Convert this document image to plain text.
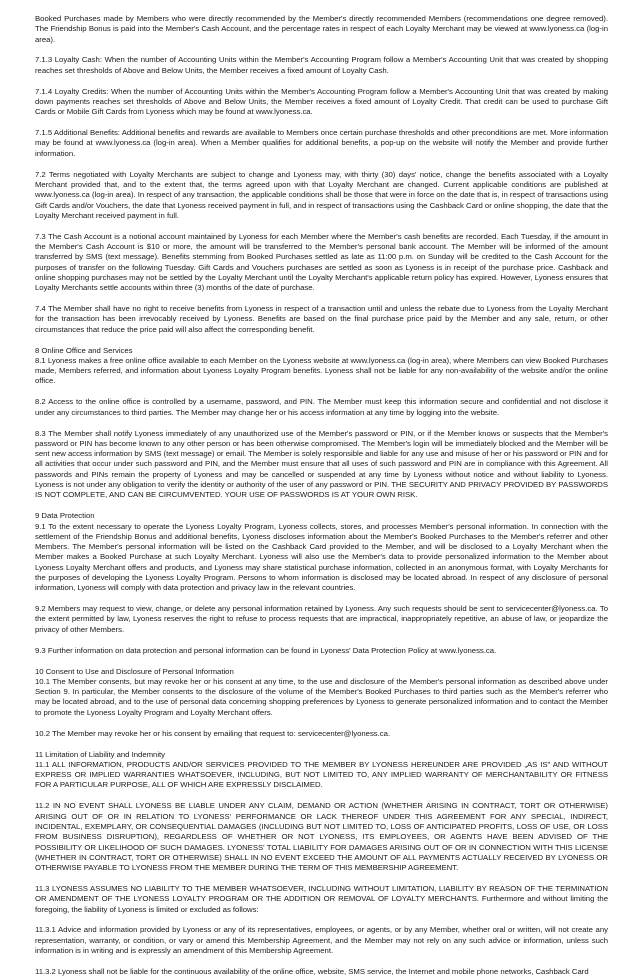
Booked Purchases made by Members who were directly recommended by the Member's directly recommended Members (recommendations one degree removed). The Friendship Bonus is paid into the Member's Cash Account, and the percentage rates in respect of each Loyalty Merchant may be viewed at www.lyoness.ca (log-in area).

7.1.3 Loyalty Cash: When the number of Accounting Units within the Member's Accounting Program follow a Member's Accounting Unit that was created by shopping reaches set thresholds of Above and Below Units, the Member receives a fixed amount of Loyalty Cash.

7.1.4 Loyalty Credits: When the number of Accounting Units within the Member's Accounting Program follow a Member's Accounting Unit that was created by making down payments reaches set thresholds of Above and Below Units, the Member receives a fixed amount of Loyalty Credit. That credit can be used to purchase Gift Cards or Mobile Gift Cards from Lyoness which may be found at www.lyoness.ca.

7.1.5 Additional Benefits: Additional benefits and rewards are available to Members once certain purchase thresholds and other preconditions are met. More information may be found at www.lyoness.ca (log-in area). When a Member qualifies for additional benefits, a pop-up on the website will notify the Member and provide further information.

7.2 Terms negotiated with Loyalty Merchants are subject to change and Lyoness may, with thirty (30) days' notice, change the benefits associated with a Loyalty Merchant provided that, and to the extent that, the terms agreed upon with that Loyalty Merchant are changed. Current applicable conditions are published at www.lyoness.ca (log-in area). In respect of any transaction, the applicable conditions shall be those that were in force on the date that is, in respect of transactions using Gift Cards and/or Vouchers, the date that Lyoness received payment in full, and in respect of transactions using the Cashback Card or online shopping, the date that the Loyalty Merchant received payment in full.

7.3 The Cash Account is a notional account maintained by Lyoness for each Member where the Member's cash benefits are recorded. Each Tuesday, if the amount in the Member's Cash Account is $10 or more, the amount will be transferred to the Member's personal bank account. The Member will be informed of the amount transferred by SMS (text message). Benefits stemming from Booked Purchases settled as late as 11:00 p.m. on Sunday will be credited to the Cash Account for the purposes of transfer on the following Tuesday. Gift Cards and Vouchers purchases are settled as soon as Lyoness is in receipt of the purchase price. Cashback and online shopping purchases may not be settled by the Loyalty Merchant until the Loyalty Merchant's applicable return policy has expired. However, Lyoness ensures that Loyalty Merchants settle accounts within three (3) months of the date of purchase.

7.4 The Member shall have no right to receive benefits from Lyoness in respect of a transaction until and unless the rebate due to Lyoness from the Loyalty Merchant for the transaction has been irrevocably received by Lyoness. Benefits are based on the final purchase price paid by the Member and any sale, return, or other circumstances that reduce the price paid will also affect the corresponding benefit.

8 Online Office and Services
8.1 Lyoness makes a free online office available to each Member on the Lyoness website at www.lyoness.ca (log-in area), where Members can view Booked Purchases made, Members referred, and information about Lyoness Loyalty Program benefits. Lyoness shall not be liable for any non-availability of the website and/or the online office.

8.2 Access to the online office is controlled by a username, password, and PIN. The Member must keep this information secure and confidential and not disclose it under any circumstances to third parties. The Member may change her or his access information at any time by logging into the website.

8.3 The Member shall notify Lyoness immediately of any unauthorized use of the Member's password or PIN, or if the Member knows or suspects that the Member's password or PIN has become known to any other person or has been otherwise compromised. The Member's login will be immediately blocked and the Member will be sent new access information by SMS (text message) or email. The Member is solely responsible and liable for any use and misuse of her or his password or PIN and for all activities that occur under such password and PIN, and the Member must ensure that all uses of such password and PIN are in compliance with this Agreement. All passwords and PINs remain the property of Lyoness and may be cancelled or suspended at any time by Lyoness without notice and without liability to Lyoness. Lyoness is not under any obligation to verify the identity or authority of the user of any password or PIN. THE SECURITY AND PRIVACY PROVIDED BY PASSWORDS IS NOT COMPLETE, AND CAN BE CIRCUMVENTED. YOUR USE OF PASSWORDS IS AT YOUR OWN RISK.

9 Data Protection
9.1 To the extent necessary to operate the Lyoness Loyalty Program, Lyoness collects, stores, and processes Member's personal information. In connection with the settlement of the Friendship Bonus and additional benefits, Lyoness discloses information about the Member's Booked Purchases to the Member's referrer and other Members. The Member's personal information will be listed on the Cashback Card provided to the Member, and will be disclosed to a Loyalty Merchant when the Member makes a Booked Purchase at such Loyalty Merchant. Lyoness will also use the Member's data to provide personalized information to the Member about Lyoness Loyalty Merchant offers and products, and Lyoness may share statistical purchase information, collected in an anonymous format, with Loyalty Merchants for the purposes of developing the Lyoness Loyalty Program. Persons to whom information is disclosed may be located abroad. In respect of any disclosure of personal information, Lyoness will comply with data protection and privacy law in the relevant countries.

9.2 Members may request to view, change, or delete any personal information retained by Lyoness. Any such requests should be sent to servicecenter@lyoness.ca. To the extent permitted by law, Lyoness reserves the right to refuse to process requests that are impractical, inappropriately repetitive, an abuse of law, or jeopardize the privacy of other Members.

9.3 Further information on data protection and personal information can be found in Lyoness' Data Protection Policy at www.lyoness.ca.

10 Consent to Use and Disclosure of Personal Information
10.1 The Member consents, but may revoke her or his consent at any time, to the use and disclosure of the Member's personal information as described above under Section 9. In particular, the Member consents to the disclosure of the volume of the Member's Booked Purchases to third parties such as the Member's referrer who may be located abroad, and to the use of personal data concerning shopping preferences by Lyoness to generate personalized information and to contact the Member to promote the Lyoness Loyalty Program and Loyalty Merchant offers.

10.2 The Member may revoke her or his consent by emailing that request to: servicecenter@lyoness.ca.

11 Limitation of Liability and Indemnity
11.1 ALL INFORMATION, PRODUCTS AND/OR SERVICES PROVIDED TO THE MEMBER BY LYONESS HEREUNDER ARE PROVIDED „AS IS" AND WITHOUT EXPRESS OR IMPLIED WARRANTIES WHATSOEVER, INCLUDING, BUT NOT LIMITED TO, ANY IMPLIED WARRANTY OF MERCHANTABILITY OR FITNESS FOR A PARTICULAR PURPOSE, ALL OF WHICH ARE EXPRESSLY DISCLAIMED.

11.2 IN NO EVENT SHALL LYONESS BE LIABLE UNDER ANY CLAIM, DEMAND OR ACTION (WHETHER ARISING IN CONTRACT, TORT OR OTHERWISE) ARISING OUT OF OR IN RELATION TO LYONESS' PERFORMANCE OR LACK THEREOF UNDER THIS AGREEMENT FOR ANY SPECIAL, INDIRECT, INCIDENTAL, EXEMPLARY, OR CONSEQUENTIAL DAMAGES (INCLUDING BUT NOT LIMITED TO, LOSS OF ANTICIPATED PROFITS, LOSS OF USE, OR LOSS FROM BUSINESS DISRUPTION), REGARDLESS OF WHETHER OR NOT LYONESS, ITS EMPLOYEES, OR AGENTS HAVE BEEN ADVISED OF THE POSSIBILITY OR LIKELIHOOD OF SUCH DAMAGES. LYONESS' TOTAL LIABILITY FOR DAMAGES ARISING OUT OF OR IN CONNECTION WITH THIS LICENSE (WHETHER IN CONTRACT, TORT OR OTHERWISE) SHALL IN NO EVENT EXCEED THE AMOUNT OF ALL PAYMENTS ACTUALLY RECEIVED BY LYONESS OR OTHERWISE PAYABLE TO LYONESS FROM THE MEMBER DURING THE TERM OF THIS MEMBERSHIP AGREEMENT.

11.3 LYONESS ASSUMES NO LIABILITY TO THE MEMBER WHATSOEVER, INCLUDING WITHOUT LIMITATION, LIABILITY BY REASON OF THE TERMINATION OR AMENDMENT OF THE LYONESS LOYALTY PROGRAM OR THE ADDITION OR REMOVAL OF LOYALTY MERCHANTS. Furthermore and without limiting the foregoing, the liability of Lyoness is limited or excluded as follows:

11.3.1 Advice and information provided by Lyoness or any of its representatives, employees, or agents, or by any Member, whether oral or written, will not create any representation, warranty, or condition, or vary or amend this Membership Agreement, and the Member may not rely on any such advice or information, unless such information is in writing and is expressly an amendment of this Membership Agreement.

11.3.2 Lyoness shall not be liable for the continuous availability of the online office, website, SMS service, the Internet and mobile phone networks, Cashback Card
